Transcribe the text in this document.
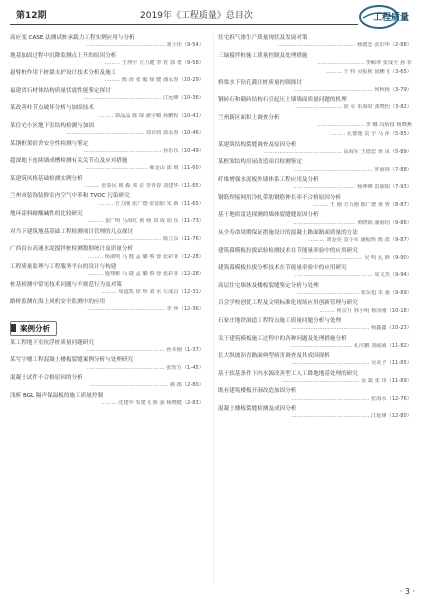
第12期	2019年《工程质量》总目次	工程质量
高应变 CASE 法测试桩承载力工程实例应用与分析
……………………………………… 刘士伟（9-54）
地基加固过程中沉降监测点上升的原因分析
……… 王翔宇 方力健 李 宵 郭 勇（9-58）
悬臂桩作用下桩锚支护设计技术分析及施工
……… 陈 涛 张 毅 徐 健 潘永春（10-29）
福建省石材体结构质量状震性能鉴定探讨
……………………………………… 江远峰（10-36）
某改善柱节点破坏分析与加固技术
……… 郭晶晶 陈 琛 潘宇嵋 孙鹏程（10-41）
某住宅小区地下室结构检测与加固
……………………………………… 刘百钧 郭永春（10-46）
某钢框架宿舍安全性检测与鉴定
……………………………………… 孙乐乐（10-49）
超深地下连续墙成槽检测有关关节点及应对措施
……………………………… 郝金山 邵 琥（11-60）
某建筑风格基础检测实例分析
……… 张泰民 姚 森 邓 亲 李青春 刘建华（11-65）
兰州市装饰装修室内空气中苯和 TVOC 污染研究
……… 方力刚 张广德 张加阳 朱 新（11-65）
地环涂料耐酸碱性的比较研究
……… 姜广明 马海红 黄 栩 刘 成 胡 乐（11-73）
对当下建筑地基基础工程检测项目管理的几点探讨
……………………………………… 陈立东（11-76）
广西首台高速水泥搅拌桩检测数据统计及质量分析
……… 杨淑明 马 健 孟 璐 蔡 蓉 张彩菲（12-28）
工程质量监理与工程服务平台的设计与构建
……… 施翔彬 马 捷 孟 璐 蔡 蓉 张彩菲（12-28）
桩基检测中常见技术问题与不规范行为及对策
……… 周道凯 徐 辉 刘 水 左成昌（12-31）
路桥监测在海上风机安全监测中的应用
……………………………………… 李 萍（12-36）
案例分析
某工程地下室抗浮桩质量问题研究
……………………………………… 孙本刚（1-37）
某写字楼工程混凝土楼板裂缝案例分析与处理研究
……………………………………… 张贺方（1-45）
混凝土试件不合格原因的分析
……………………………………… 郝 郡（2-80）
浅析 BGL 隔声保温板的施工质量控制
……… 沈建中 朱建飞 陈 强 杨晓健（2-83）
住宅拆气渗生产质量现状及发展对策
……………………………………… 杨德忠 张伯华（2-88）
三轴搅拌桩施工质量控制及处理措施
……………………… 李鲸翠 张成全 孙 菲
……… 王 特 吴振栋 徐鹏飞（3-65）
桥梁水下钻孔灌注桩质量控制探讨
……………………………………… 何秋杨（3-79）
钢砖石和砌砖结构石引起压土墙墙面质量问题的机理
……………………… 徐 军 朱海时 龚晓怡（3-82）
兰州新区面积土调查分析
……………………… 李 娜 冯炳枝 杨晓燕
……… 孔德逸 袁 宇 马 萍（5-85）
某建筑结构裂缝调查及原因分析
……………………………………… 高海军 王德忠 黄 凤（5-89）
某框架结构房屋改造项目检测鉴定
……………………………………… 罗海林（7-88）
纤维增强水泥板外墙体系工程应用及分析
……………………………… 杨坤峰 袁丽娟（7-93）
钢筋焊接网用冷轧带肋钢筋伸长率不合格原因分析
……… 王 刚 方力刚 陈广德 黄 秀（8-87）
基于地质雷达探测的墙体裂缝缝原因分析
……………………………… 黄晓娟 潘海钧（9-86）
从全寿命周期保证措施设计的混凝土路面路面质量的方法
……… 刘金亮 袁小军 潘振辉 陈 波（9-87）
建筑幕模板拉拔试验检测技术在节能量率验中的应用研究
……………………………… 吴 明 孔 颜（9-90）
建筑幕模板拉拔分析技术在节能量率验中的应用研究
……………………………………… 周文杰（9-94）
高层住宅墙体及楼板裂缝鉴定分析与处理
……………………………… 张东旭 朱 强（9-89）
百会学校创优工程及文明标准化现场应用创新管理与研究
……… 何宗月 林小明 杨泽刚（10-18）
石家庄地铁洞道工程特点施工质量问题分析与处理
……………………………………… 杨鑫鑫（10-23）
关于建筑模板施工过程中的各种问题及处理措施分析
……………………………… 孔庆鹏 刘威威（11-82）
长大纵坡沥青路面典型病害调查及其成因探析
……………………………………… 吴美子（11-85）
基于软基条件下内水源改善型工人工降地地基处理的研究
……………………………………… 金 斌 张 玮（11-89）
既有建筑楼板开洞改造加固分析
……………………………………… 张海水（12-76）
混凝土楼板裂缝检测及成因分析
……………………………………… 江延锋（12-80）
· 3 ·
